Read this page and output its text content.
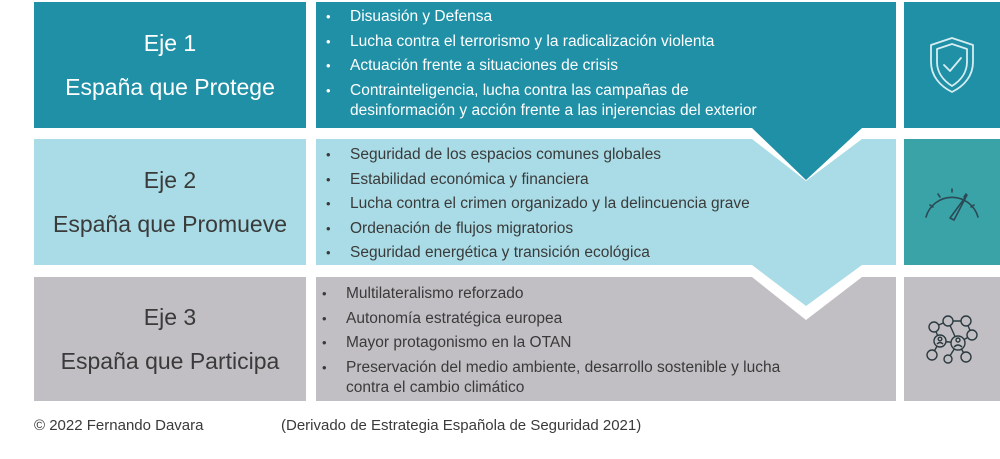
Eje 1
España que Protege
• Disuasión y Defensa
• Lucha contra el terrorismo y la radicalización violenta
• Actuación frente a situaciones de crisis
• Contrainteligencia, lucha contra las campañas de
desinformación y acción frente a las injerencias del exterior
Eje 2
España que Promueve
• Seguridad de los espacios comunes globales
• Estabilidad económica y financiera
• Lucha contra el crimen organizado y la delincuencia grave
• Ordenación de flujos migratorios
• Seguridad energética y transición ecológica
Eje 3
España que Participa
• Multilateralismo reforzado
• Autonomía estratégica europea
• Mayor protagonismo en la OTAN
• Preservación del medio ambiente, desarrollo sostenible y lucha
contra el cambio climático
© 2022 Fernando Davara	(Derivado de Estrategia Española de Seguridad 2021)
